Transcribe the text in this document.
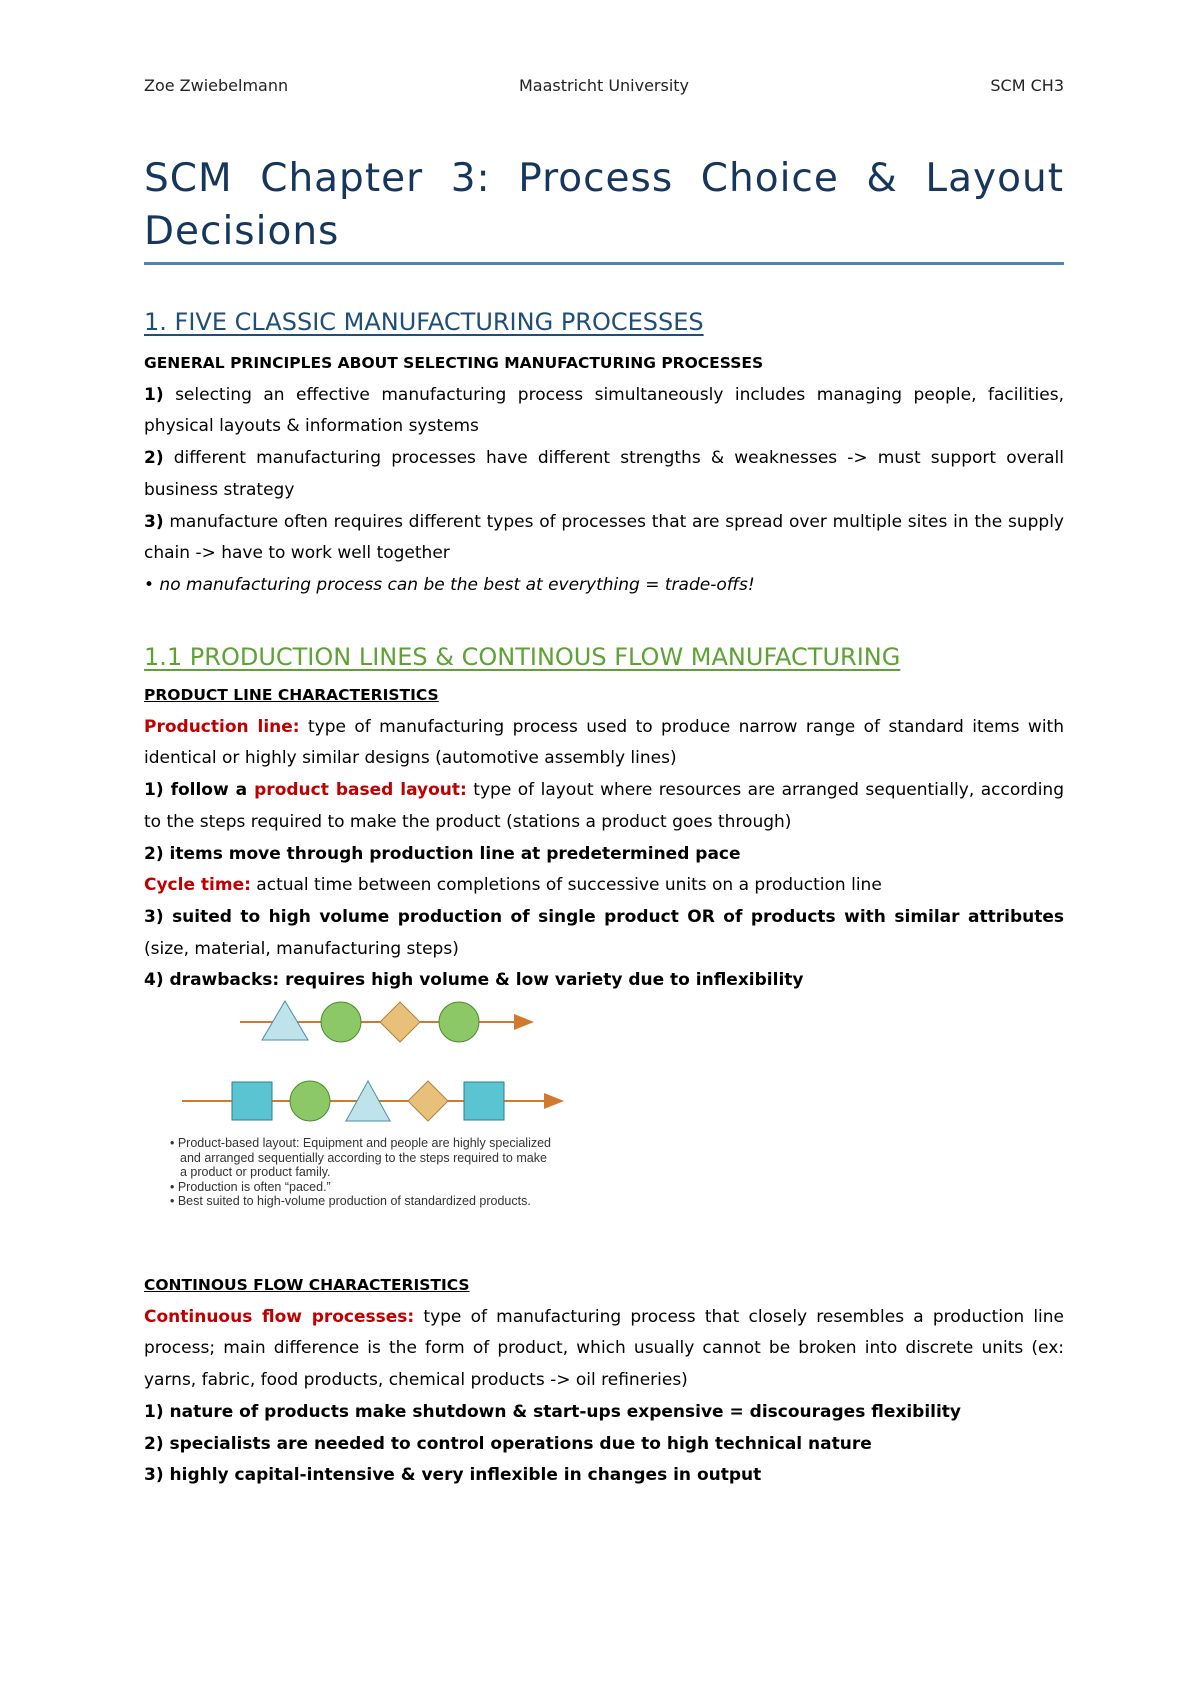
Zoe Zwiebelmann	Maastricht University	SCM CH3
SCM Chapter 3: Process Choice & Layout Decisions
1. FIVE CLASSIC MANUFACTURING PROCESSES

GENERAL PRINCIPLES ABOUT SELECTING MANUFACTURING PROCESSES

1) selecting an effective manufacturing process simultaneously includes managing people, facilities, physical layouts & information systems

2) different manufacturing processes have different strengths & weaknesses -> must support overall business strategy

3) manufacture often requires different types of processes that are spread over multiple sites in the supply chain -> have to work well together

• no manufacturing process can be the best at everything = trade-offs!

1.1 PRODUCTION LINES & CONTINOUS FLOW MANUFACTURING

PRODUCT LINE CHARACTERISTICS

Production line: type of manufacturing process used to produce narrow range of standard items with identical or highly similar designs (automotive assembly lines)

1) follow a product based layout: type of layout where resources are arranged sequentially, according to the steps required to make the product (stations a product goes through)

2) items move through production line at predetermined pace

Cycle time: actual time between completions of successive units on a production line

3) suited to high volume production of single product OR of products with similar attributes (size, material, manufacturing steps)

4) drawbacks: requires high volume & low variety due to inflexibility

• Product-based layout: Equipment and people are highly specialized
and arranged sequentially according to the steps required to make
a product or product family.
• Production is often “paced.”
• Best suited to high-volume production of standardized products.

CONTINOUS FLOW CHARACTERISTICS

Continuous flow processes: type of manufacturing process that closely resembles a production line process; main difference is the form of product, which usually cannot be broken into discrete units (ex: yarns, fabric, food products, chemical products -> oil refineries)

1) nature of products make shutdown & start-ups expensive = discourages flexibility

2) specialists are needed to control operations due to high technical nature

3) highly capital-intensive & very inflexible in changes in output
